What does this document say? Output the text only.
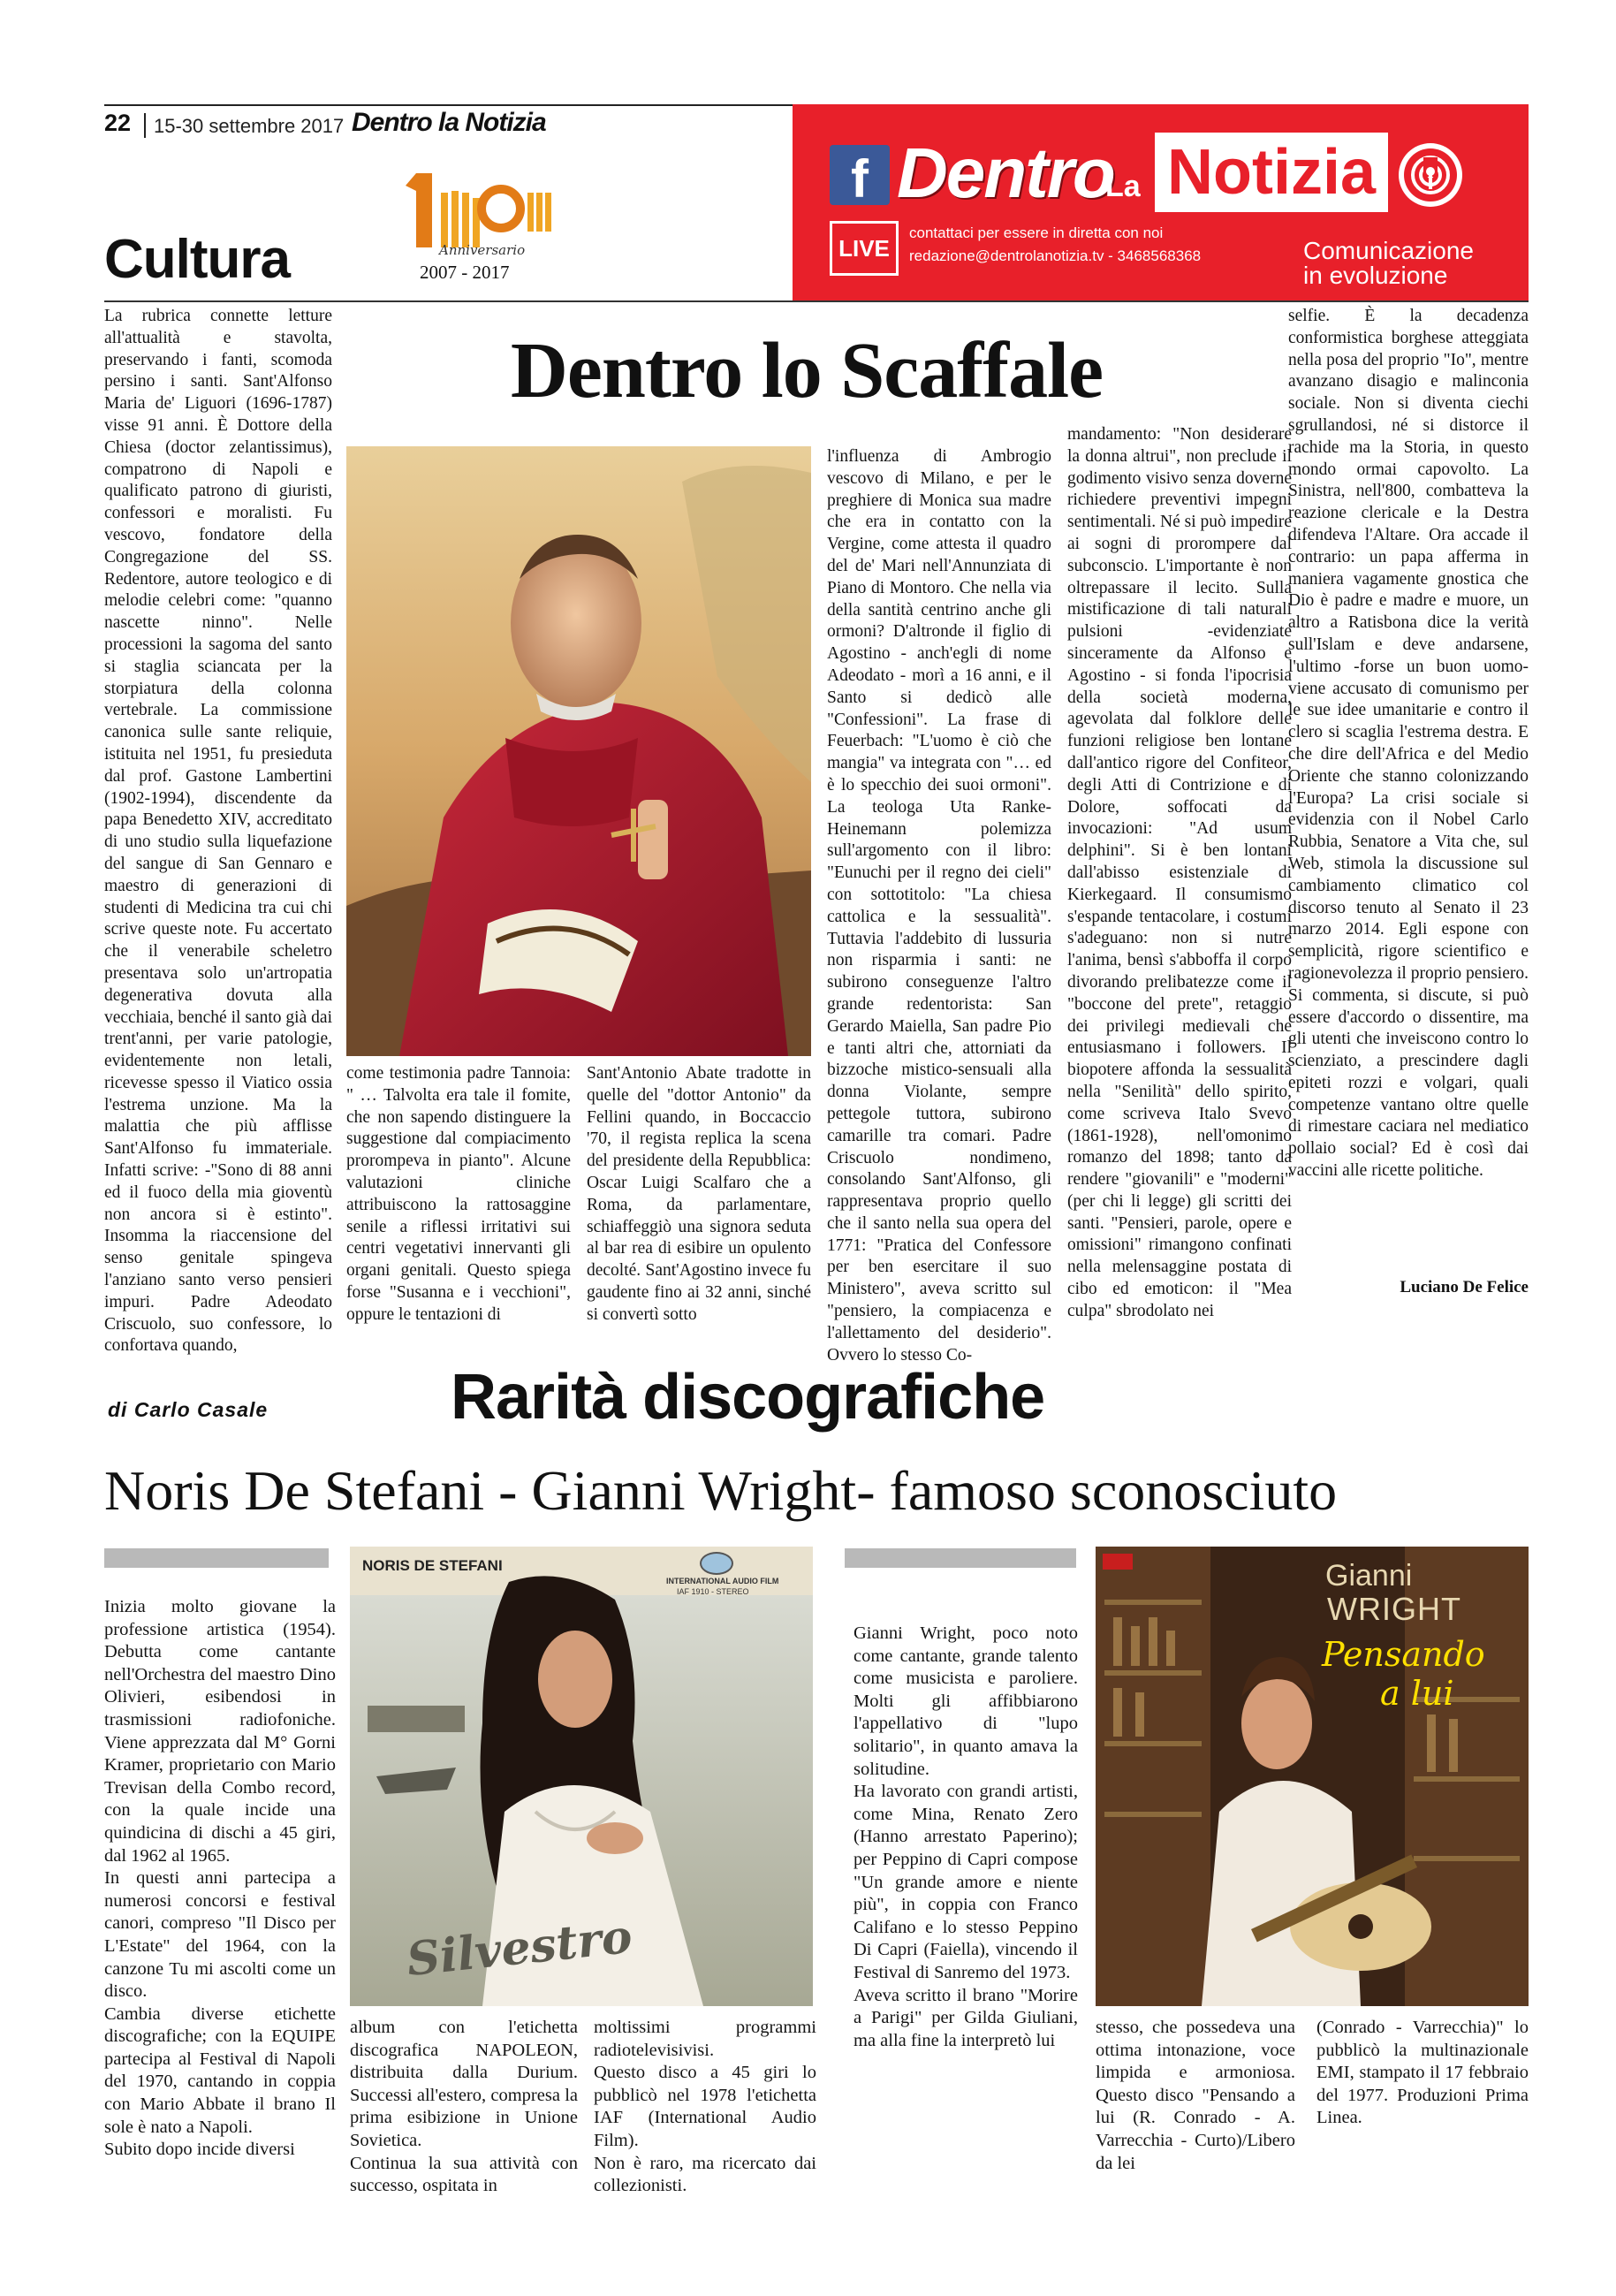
22 15-30 settembre 2017 Dentro la Notizia
Anniversario
2007 - 2017
Cultura
f Dentro
La Notizia
LIVE
contattaci per essere in diretta con noi
redazione@dentrolanotizia.tv - 3468568368	Comunicazione
in evoluzione
Dentro lo Scaffale
La rubrica connette letture all'attualità e stavolta, preservando i fanti, scomoda persino i santi. Sant'Alfonso Maria de' Liguori (1696-1787) visse 91 anni. È Dottore della Chiesa (doctor zelantissimus), compatrono di Napoli e qualificato patrono di giuristi, confessori e moralisti. Fu vescovo, fondatore della Congregazione del SS. Redentore, autore teologico e di melodie celebri come: "quanno nascette ninno". Nelle processioni la sagoma del santo si staglia sciancata per la storpiatura della colonna vertebrale. La commissione canonica sulle sante reliquie, istituita nel 1951, fu presieduta dal prof. Gastone Lambertini (1902-1994), discendente da papa Benedetto XIV, accreditato di uno studio sulla liquefazione del sangue di San Gennaro e maestro di generazioni di studenti di Medicina tra cui chi scrive queste note. Fu accertato che il venerabile scheletro presentava solo un'artropatia degenerativa dovuta alla vecchiaia, benché il santo già dai trent'anni, per varie patologie, evidentemente non letali, ricevesse spesso il Viatico ossia l'estrema unzione. Ma la malattia che più afflisse Sant'Alfonso fu immateriale. Infatti scrive: -"Sono di 88 anni ed il fuoco della mia gioventù non ancora si è estinto". Insomma la riaccensione del senso genitale spingeva l'anziano santo verso pensieri impuri. Padre Adeodato Criscuolo, suo confessore, lo confortava quando,
come testimonia padre Tannoia: " … Talvolta era tale il fomite, che non sapendo distinguere la suggestione dal compiacimento prorompeva in pianto". Alcune valutazioni cliniche attribuiscono la rattosaggine senile a riflessi irritativi sui centri vegetativi innervanti gli organi genitali. Questo spiega forse "Susanna e i vecchioni", oppure le tentazioni di
Sant'Antonio Abate tradotte in quelle del "dottor Antonio" da Fellini quando, in Boccaccio '70, il regista replica la scena del presidente della Repubblica: Oscar Luigi Scalfaro che a Roma, da parlamentare, schiaffeggiò una signora seduta al bar rea di esibire un opulento decolté. Sant'Agostino invece fu gaudente fino ai 32 anni, sinché si convertì sotto
l'influenza di Ambrogio vescovo di Milano, e per le preghiere di Monica sua madre che era in contatto con la Vergine, come attesta il quadro del de' Mari nell'Annunziata di Piano di Montoro. Che nella via della santità centrino anche gli ormoni? D'altronde il figlio di Agostino - anch'egli di nome Adeodato - morì a 16 anni, e il Santo si dedicò alle "Confessioni". La frase di Feuerbach: "L'uomo è ciò che mangia" va integrata con "… ed è lo specchio dei suoi ormoni". La teologa Uta Ranke-Heinemann polemizza sull'argomento con il libro: "Eunuchi per il regno dei cieli" con sottotitolo: "La chiesa cattolica e la sessualità". Tuttavia l'addebito di lussuria non risparmia i santi: ne subirono conseguenze l'altro grande redentorista: San Gerardo Maiella, San padre Pio e tanti altri che, attorniati da bizzoche mistico-sensuali alla donna Violante, sempre pettegole tuttora, subirono camarille tra comari. Padre Criscuolo nondimeno, consolando Sant'Alfonso, gli rappresentava proprio quello che il santo nella sua opera del 1771: "Pratica del Confessore per ben esercitare il suo Ministero", aveva scritto sul "pensiero, la compiacenza e l'allettamento del desiderio". Ovvero lo stesso Co-
mandamento: "Non desiderare la donna altrui", non preclude il godimento visivo senza doverne richiedere preventivi impegni sentimentali. Né si può impedire ai sogni di prorompere dal subconscio. L'importante è non oltrepassare il lecito. Sulla mistificazione di tali naturali pulsioni -evidenziate sinceramente da Alfonso e Agostino - si fonda l'ipocrisia della società moderna, agevolata dal folklore delle funzioni religiose ben lontane dall'antico rigore del Confiteor, degli Atti di Contrizione e di Dolore, soffocati da invocazioni: "Ad usum delphini". Si è ben lontani dall'abisso esistenziale di Kierkegaard. Il consumismo s'espande tentacolare, i costumi s'adeguano: non si nutre l'anima, bensì s'abboffa il corpo divorando prelibatezze come il "boccone del prete", retaggio dei privilegi medievali che entusiasmano i followers. Il biopotere affonda la sessualità nella "Senilità" dello spirito, come scriveva Italo Svevo (1861-1928), nell'omonimo romanzo del 1898; tanto da rendere "giovanili" e "moderni" (per chi li legge) gli scritti dei santi. "Pensieri, parole, opere e omissioni" rimangono confinati nella melensaggine postata di cibo ed emoticon: il "Mea culpa" sbrodolato nei
selfie. È la decadenza conformistica borghese atteggiata nella posa del proprio "Io", mentre avanzano disagio e malinconia sociale. Non si diventa ciechi sgrullandosi, né si distorce il rachide ma la Storia, in questo mondo ormai capovolto. La Sinistra, nell'800, combatteva la reazione clericale e la Destra difendeva l'Altare. Ora accade il contrario: un papa afferma in maniera vagamente gnostica che Dio è padre e madre e muore, un altro a Ratisbona dice la verità sull'Islam e deve andarsene, l'ultimo -forse un buon uomo- viene accusato di comunismo per le sue idee umanitarie e contro il clero si scaglia l'estrema destra. E che dire dell'Africa e del Medio Oriente che stanno colonizzando l'Europa? La crisi sociale si evidenzia con il Nobel Carlo Rubbia, Senatore a Vita che, sul Web, stimola la discussione sul cambiamento climatico col discorso tenuto al Senato il 23 marzo 2014. Egli espone con semplicità, rigore scientifico e ragionevolezza il proprio pensiero. Si commenta, si discute, si può essere d'accordo o dissentire, ma gli utenti che inveiscono contro lo scienziato, a prescindere dagli epiteti rozzi e volgari, quali competenze vantano oltre quelle di rimestare caciara nel mediatico pollaio social? Ed è così dai vaccini alle ricette politiche.
Luciano De Felice
di Carlo Casale	Rarità discografiche
Noris De Stefani - Gianni Wright- famoso sconosciuto
Inizia molto giovane la professione artistica (1954). Debutta come cantante nell'Orchestra del maestro Dino Olivieri, esibendosi in trasmissioni radiofoniche. Viene apprezzata dal M° Gorni Kramer, proprietario con Mario Trevisan della Combo record, con la quale incide una quindicina di dischi a 45 giri, dal 1962 al 1965.
In questi anni partecipa a numerosi concorsi e festival canori, compreso "Il Disco per L'Estate" del 1964, con la canzone Tu mi ascolti come un disco.
Cambia diverse etichette discografiche; con la EQUIPE partecipa al Festival di Napoli del 1970, cantando in coppia con Mario Abbate il brano Il sole è nato a Napoli.
Subito dopo incide diversi
NORIS DE STEFANI
INTERNATIONAL AUDIO FILM
IAF 1910 - STEREO
Silvestro
album con l'etichetta discografica NAPOLEON, distribuita dalla Durium. Successi all'estero, compresa la prima esibizione in Unione Sovietica.
Continua la sua attività con successo, ospitata in
moltissimi programmi radiotelevisivisi.
Questo disco a 45 giri lo pubblicò nel 1978 l'etichetta IAF (International Audio Film).
Non è raro, ma ricercato dai collezionisti.
Gianni Wright, poco noto come cantante, grande talento come musicista e paroliere. Molti gli affibbiarono l'appellativo di "lupo solitario", in quanto amava la solitudine.
Ha lavorato con grandi artisti, come Mina, Renato Zero (Hanno arrestato Paperino); per Peppino di Capri compose "Un grande amore e niente più", in coppia con Franco Califano e lo stesso Peppino Di Capri (Faiella), vincendo il Festival di Sanremo del 1973.
Aveva scritto il brano "Morire a Parigi" per Gilda Giuliani, ma alla fine la interpretò lui
Gianni
WRIGHT
Pensando
a lui
stesso, che possedeva una ottima intonazione, voce limpida e armoniosa. Questo disco "Pensando a lui (R. Conrado - A. Varrecchia - Curto)/Libero da lei
(Conrado - Varrecchia)" lo pubblicò la multinazionale EMI, stampato il 17 febbraio del 1977. Produzioni Prima Linea.
